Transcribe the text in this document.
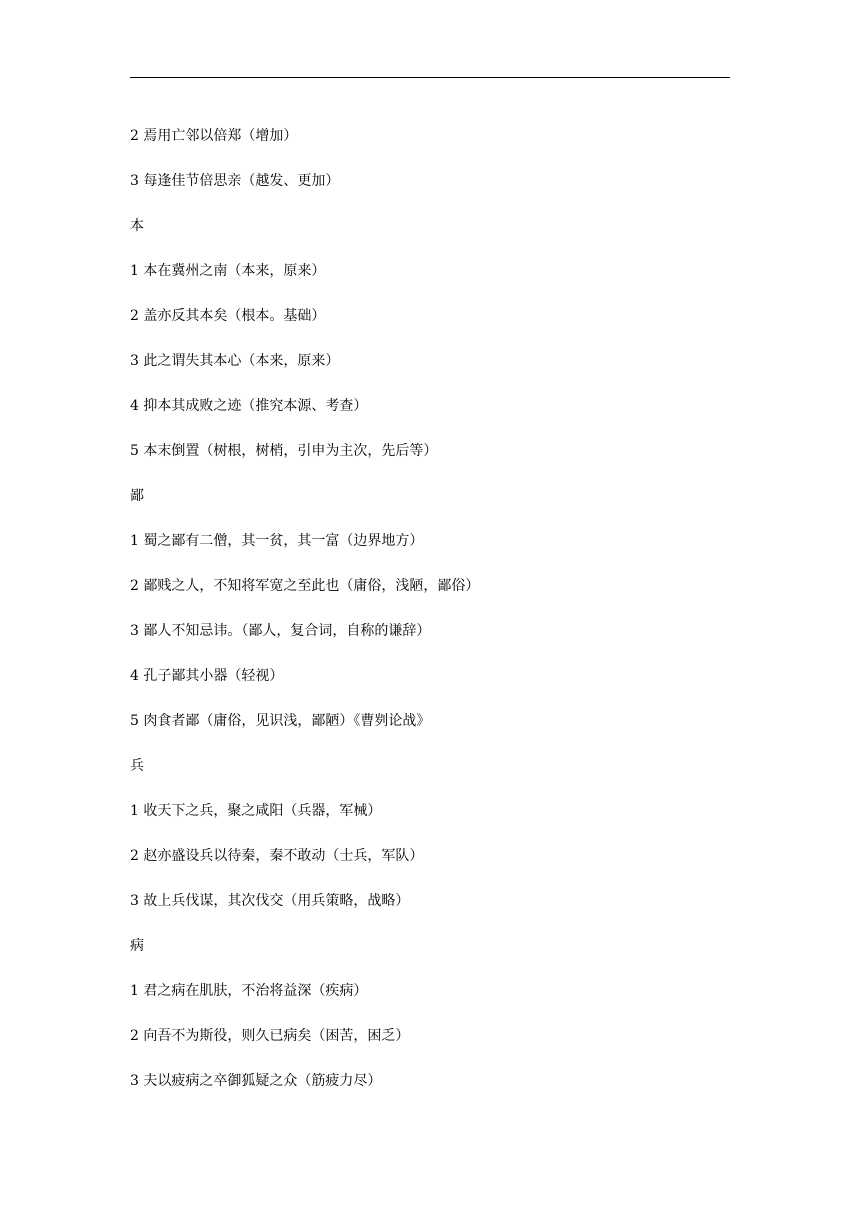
2 焉用亡邻以倍郑（增加）
3 每逢佳节倍思亲（越发、更加）
本
1 本在冀州之南（本来，原来）
2 盖亦反其本矣（根本。基础）
3 此之谓失其本心（本来，原来）
4 抑本其成败之迹（推究本源、考查）
5 本末倒置（树根，树梢，引申为主次，先后等）
鄙
1 蜀之鄙有二僧，其一贫，其一富（边界地方）
2 鄙贱之人，不知将军宽之至此也（庸俗，浅陋，鄙俗）
3 鄙人不知忌讳。（鄙人，复合词，自称的谦辞）
4 孔子鄙其小器（轻视）
5 肉食者鄙（庸俗，见识浅，鄙陋）《曹刿论战》
兵
1 收天下之兵，聚之咸阳（兵器，军械）
2 赵亦盛设兵以待秦，秦不敢动（士兵，军队）
3 故上兵伐谋，其次伐交（用兵策略，战略）
病
1 君之病在肌肤，不治将益深（疾病）
2 向吾不为斯役，则久已病矣（困苦，困乏）
3 夫以疲病之卒御狐疑之众（筋疲力尽）
